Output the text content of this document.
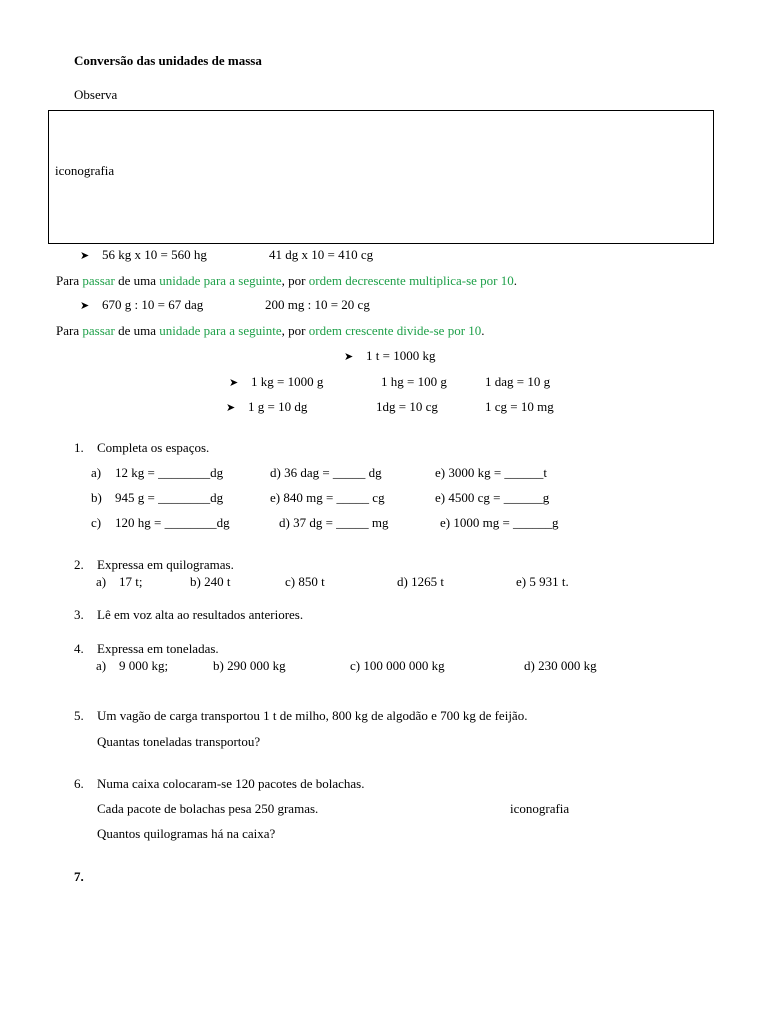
Conversão das unidades de massa
Observa
iconografia
➤ 56 kg x 10 = 560 hg	41 dg x 10 = 410 cg
Para passar de uma unidade para a seguinte, por ordem decrescente multiplica-se por 10.
➤ 670 g : 10 = 67 dag	200 mg : 10 = 20 cg
Para passar de uma unidade para a seguinte, por ordem crescente divide-se por 10.
➤ 1 t = 1000 kg
➤ 1 kg = 1000 g	1 hg = 100 g	1 dag = 10 g
➤ 1 g = 10 dg	1dg = 10 cg	1 cg = 10 mg
1. Completa os espaços.
a) 12 kg = ________dg	d) 36 dag = _____ dg	e) 3000 kg = ______t
b) 945 g = ________dg	e) 840 mg = _____ cg	e) 4500 cg = ______g
c) 120 hg = ________dg	d) 37 dg = _____ mg	e) 1000 mg = ______g
2. Expressa em quilogramas.
a) 17 t;	b) 240 t	c) 850 t	d) 1265 t	e) 5 931 t.
3. Lê em voz alta ao resultados anteriores.
4. Expressa em toneladas.
a) 9 000 kg;	b) 290 000 kg	c) 100 000 000 kg	d) 230 000 kg
5. Um vagão de carga transportou 1 t de milho, 800 kg de algodão e 700 kg de feijão.
Quantas toneladas transportou?
6. Numa caixa colocaram-se 120 pacotes de bolachas.
Cada pacote de bolachas pesa 250 gramas.	iconografia
Quantos quilogramas há na caixa?
7.
